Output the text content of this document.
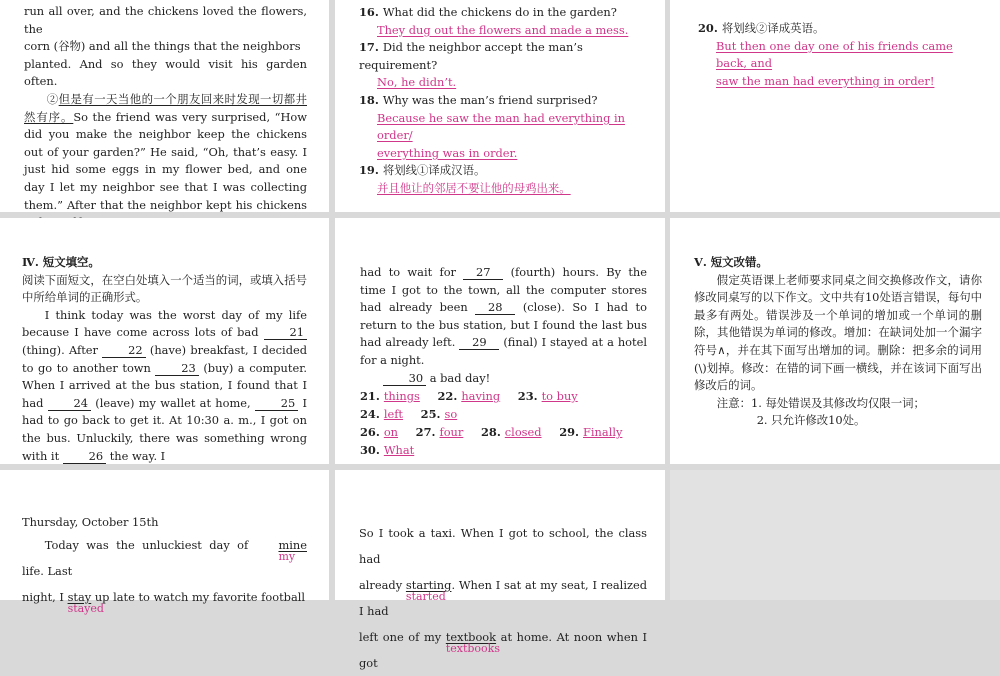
run all over, and the chickens loved the flowers, the

corn (谷物) and all the things that the neighbors

planted. And so they would visit his garden often.

②但是有一天当他的一个朋友回来时发现一切都井然有序。So the friend was very surprised, “How did you make the neighbor keep the chickens out of your garden?” He said, “Oh, that’s easy. I just hid some eggs in my flower bed, and one day I let my neighbor see that I was collecting them.” After that the neighbor kept his chickens

16. What did the chickens do in the garden?
They dug out the flowers and made a mess.
17. Did the neighbor accept the man’s requirement?
No, he didn’t.
18. Why was the man’s friend surprised?
Because he saw the man had everything in order/
everything was in order.
19. 将划线①译成汉语。
并且他让的邻居不要让他的母鸡出来。
20. 将划线②译成英语。
But then one day one of his friends came back, and
saw the man had everything in order!
Ⅳ. 短文填空。

阅读下面短文，在空白处填入一个适当的词，或填入括号中所给单词的正确形式。

I think today was the worst day of my life because I have come across lots of bad	21 (thing). After	22 (have) breakfast, I decided to go to another town	23 (buy) a computer. When I arrived at the bus station, I found that I had	24 (leave) my wallet at home,	25 I had to go back to get it. At 10:30 a. m., I got on the bus. Unluckily, there was something wrong with it	26 the way. I

had to wait for 27 (fourth) hours. By the time I got to the town, all the computer stores had already been 28 (close). So I had to return to the bus station, but I found the last bus had already left. 29 (final) I stayed at a hotel for a night.

30 a bad day!

21. things 22. having 23. to buy 24. left 25. so
26. on 27. four 28. closed 29. Finally 30. What
Ⅴ. 短文改错。

假定英语课上老师要求同桌之间交换修改作文，请你修改同桌写的以下作文。文中共有10处语言错误，每句中最多有两处。错误涉及一个单词的增加或一个单词的删除，其他错误为单词的修改。增加：在缺词处加一个漏字符号∧，并在其下面写出增加的词。删除：把多余的词用(\)划掉。修改：在错的词下画一横线，并在该词下面写出修改后的词。

注意：1. 每处错误及其修改均仅限一词；

2. 只允许修改10处。

Thursday, October 15th

Today was the unluckiest day of	mine
my
life. Last

night, I stay
stayed
up late to watch my favorite football

So I took a taxi. When I got to school, the class had

already starting
started
. When I sat at my seat, I realized I had

left one of my textbook
textbooks
at home. At noon when I got
